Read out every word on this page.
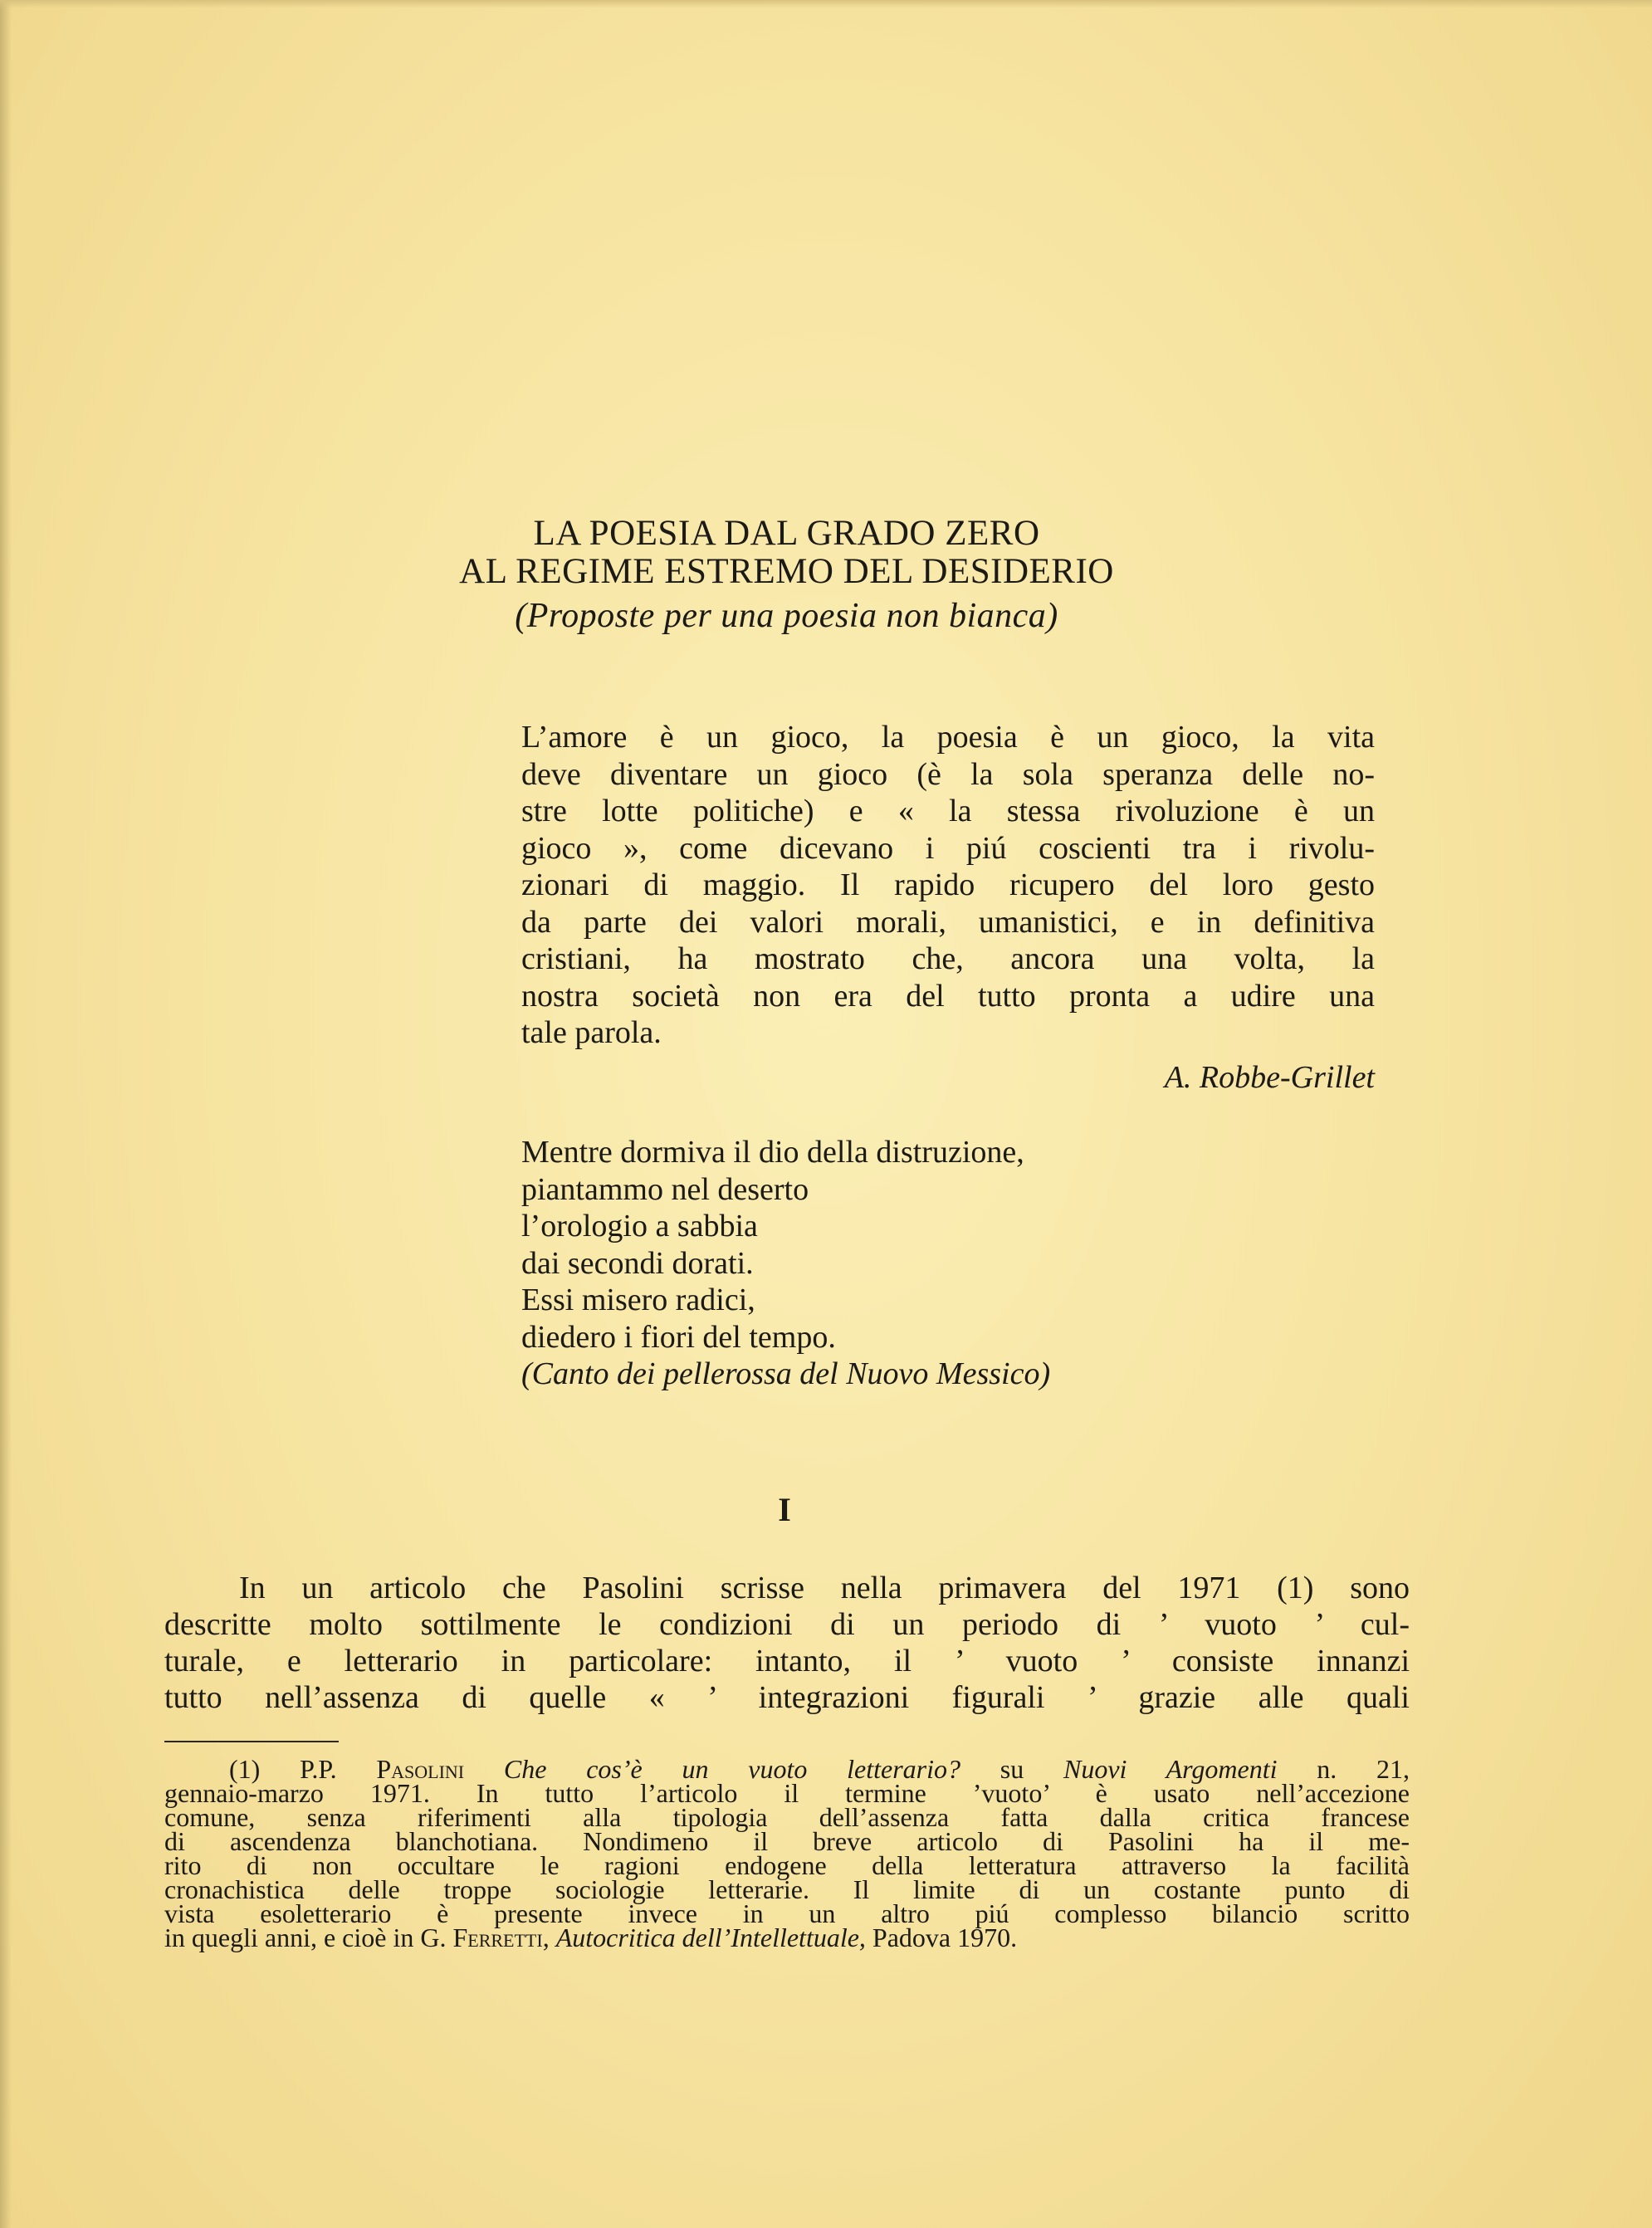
LA POESIA DAL GRADO ZERO
AL REGIME ESTREMO DEL DESIDERIO
(Proposte per una poesia non bianca)
L’amore è un gioco, la poesia è un gioco, la vita
deve diventare un gioco (è la sola speranza delle no-
stre lotte politiche) e « la stessa rivoluzione è un
gioco », come dicevano i piú coscienti tra i rivolu-
zionari di maggio. Il rapido ricupero del loro gesto
da parte dei valori morali, umanistici, e in definitiva
cristiani, ha mostrato che, ancora una volta, la
nostra società non era del tutto pronta a udire una
tale parola.
A. Robbe-Grillet
Mentre dormiva il dio della distruzione,
piantammo nel deserto
l’orologio a sabbia
dai secondi dorati.
Essi misero radici,
diedero i fiori del tempo.
(Canto dei pellerossa del Nuovo Messico)
I
In un articolo che Pasolini scrisse nella primavera del 1971 (1) sono
descritte molto sottilmente le condizioni di un periodo di ’ vuoto ’ cul-
turale, e letterario in particolare: intanto, il ’ vuoto ’ consiste innanzi
tutto nell’assenza di quelle « ’ integrazioni figurali ’ grazie alle quali
(1) P.P. Pasolini Che cos’è un vuoto letterario? su Nuovi Argomenti n. 21,
gennaio-marzo 1971. In tutto l’articolo il termine ’vuoto’ è usato nell’accezione
comune, senza riferimenti alla tipologia dell’assenza fatta dalla critica francese
di ascendenza blanchotiana. Nondimeno il breve articolo di Pasolini ha il me-
rito di non occultare le ragioni endogene della letteratura attraverso la facilità
cronachistica delle troppe sociologie letterarie. Il limite di un costante punto di
vista esoletterario è presente invece in un altro piú complesso bilancio scritto
in quegli anni, e cioè in G. Ferretti, Autocritica dell’Intellettuale, Padova 1970.
